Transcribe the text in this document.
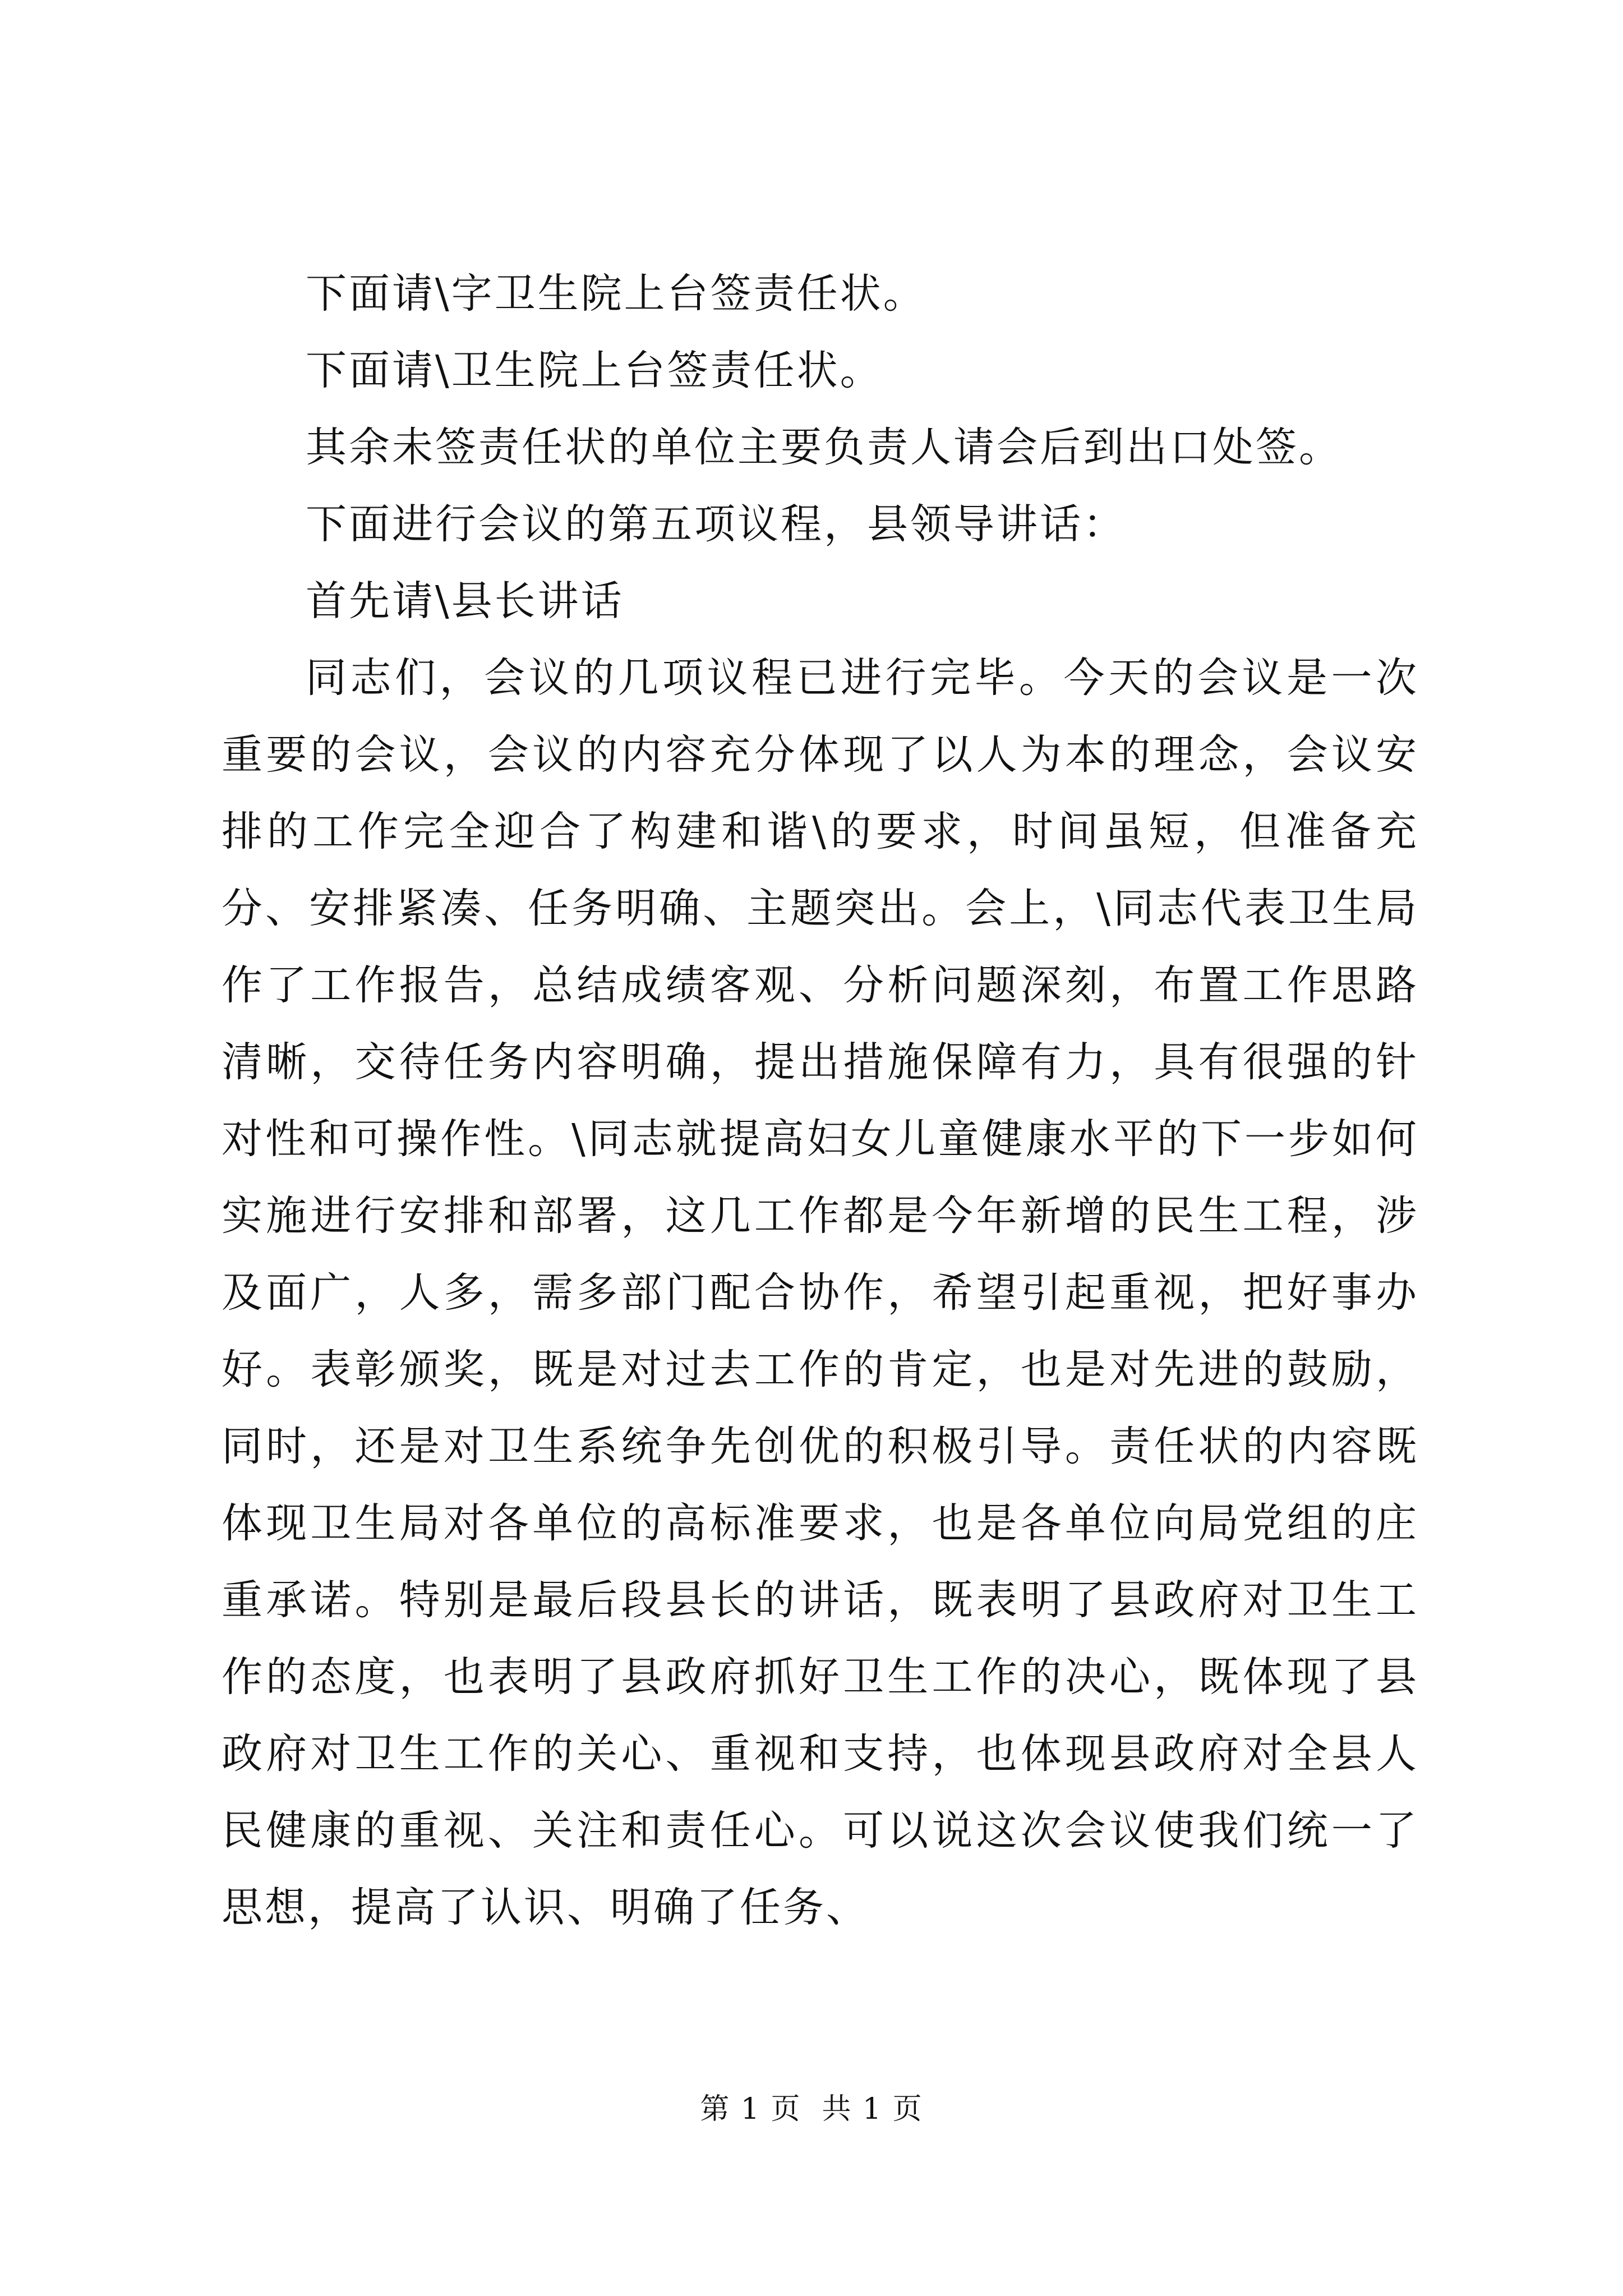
下面请\字卫生院上台签责任状。

下面请\卫生院上台签责任状。

其余未签责任状的单位主要负责人请会后到出口处签。

下面进行会议的第五项议程，县领导讲话：

首先请\县长讲话

同志们，会议的几项议程已进行完毕。今天的会议是一次重要的会议，会议的内容充分体现了以人为本的理念，会议安排的工作完全迎合了构建和谐\的要求，时间虽短，但准备充分、安排紧凑、任务明确、主题突出。会上，\同志代表卫生局作了工作报告，总结成绩客观、分析问题深刻，布置工作思路清晰，交待任务内容明确，提出措施保障有力，具有很强的针对性和可操作性。\同志就提高妇女儿童健康水平的下一步如何实施进行安排和部署，这几工作都是今年新增的民生工程，涉及面广，人多，需多部门配合协作，希望引起重视，把好事办好。表彰颁奖，既是对过去工作的肯定，也是对先进的鼓励，同时，还是对卫生系统争先创优的积极引导。责任状的内容既体现卫生局对各单位的高标准要求，也是各单位向局党组的庄重承诺。特别是最后段县长的讲话，既表明了县政府对卫生工作的态度，也表明了县政府抓好卫生工作的决心，既体现了县政府对卫生工作的关心、重视和支持，也体现县政府对全县人民健康的重视、关注和责任心。可以说这次会议使我们统一了思想，提高了认识、明确了任务、

第 1 页  共 1 页
